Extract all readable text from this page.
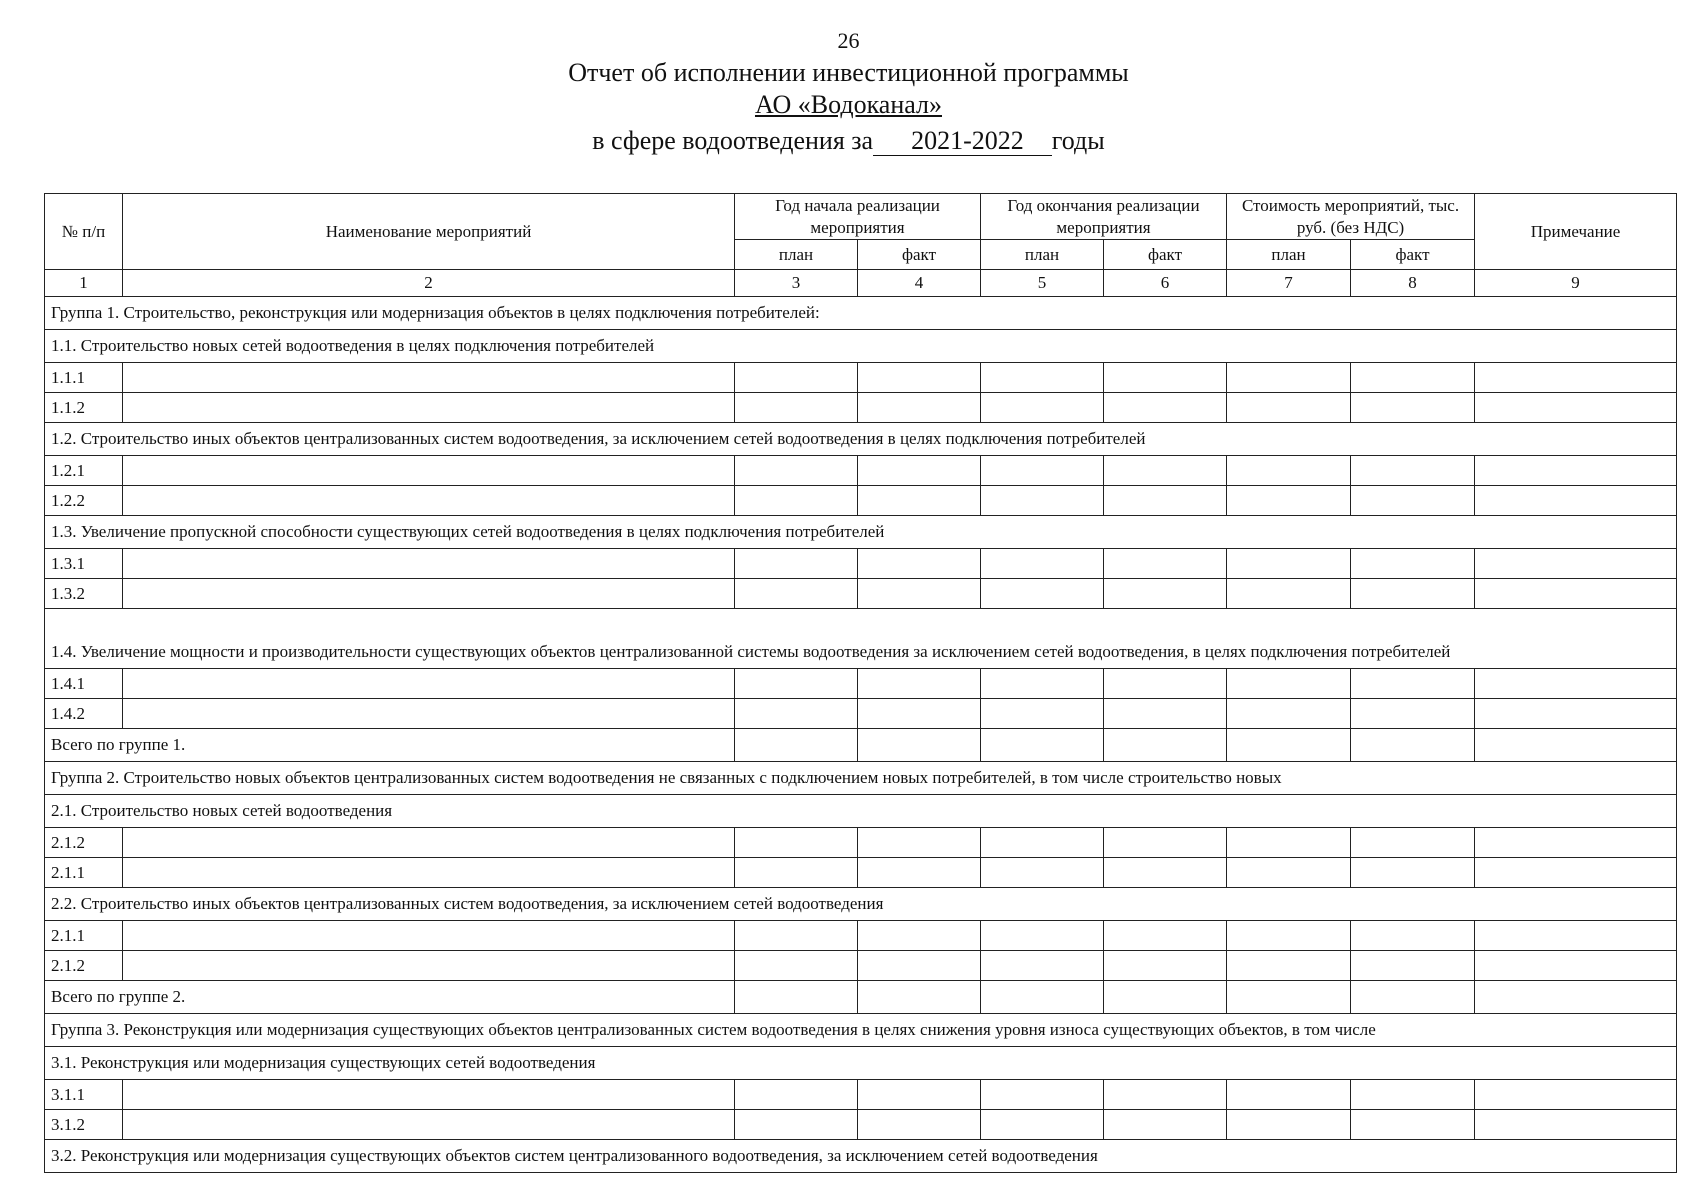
26
Отчет об исполнении инвестиционной программы
АО «Водоканал»
в сфере водоотведения за 2021-2022 годы
№ п/п	Наименование мероприятий	Год начала реализации мероприятия		Год окончания реализации мероприятия		Стоимость мероприятий, тыс. руб. (без НДС)		Примечание
		план	факт	план	факт	план	факт	
1	2	3	4	5	6	7	8	9
Группа 1. Строительство, реконструкция или модернизация объектов в целях подключения потребителей:								
1.1. Строительство новых сетей водоотведения в целях подключения потребителей								
1.1.1								
1.1.2								
1.2. Строительство иных объектов централизованных систем водоотведения, за исключением сетей водоотведения в целях подключения потребителей								
1.2.1								
1.2.2								
1.3. Увеличение пропускной способности существующих сетей водоотведения в целях подключения потребителей								
1.3.1								
1.3.2								
1.4. Увеличение мощности и производительности существующих объектов централизованной системы водоотведения за исключением сетей водоотведения, в целях подключения потребителей								
1.4.1								
1.4.2								
Всего по группе 1.								
Группа 2. Строительство новых объектов централизованных систем водоотведения не связанных с подключением новых потребителей, в том числе строительство новых								
2.1. Строительство новых сетей водоотведения								
2.1.2								
2.1.1								
2.2. Строительство иных объектов централизованных систем водоотведения, за исключением сетей водоотведения								
2.1.1								
2.1.2								
Всего по группе 2.								
Группа 3. Реконструкция или модернизация существующих объектов централизованных систем водоотведения в целях снижения уровня износа существующих объектов, в том числе								
3.1. Реконструкция или модернизация существующих сетей водоотведения								
3.1.1								
3.1.2								
3.2. Реконструкция или модернизация существующих объектов систем централизованного водоотведения, за исключением сетей водоотведения								
